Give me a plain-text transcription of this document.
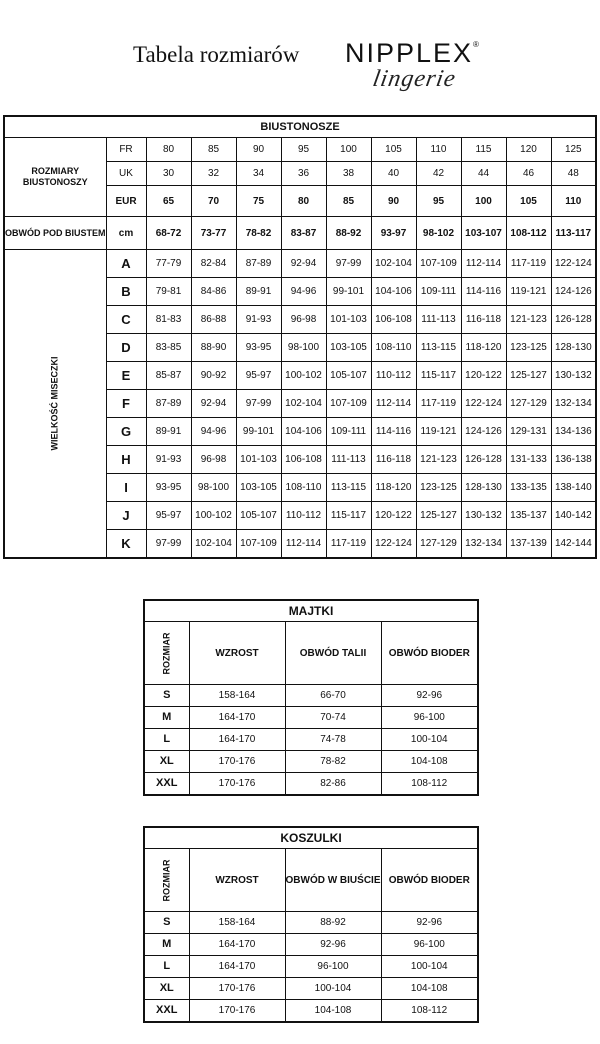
Tabela rozmiarów NIPPLEX ®
lingerie
BIUSTONOSZE											
ROZMIARY BIUSTONOSZY	FR	80	85	90	95	100	105	110	115	120	125
	UK	30	32	34	36	38	40	42	44	46	48
	EUR	65	70	75	80	85	90	95	100	105	110
OBWÓD POD BIUSTEM	cm	68-72	73-77	78-82	83-87	88-92	93-97	98-102	103-107	108-112	113-117
WIELKOŚĆ MISECZKI	A	77-79	82-84	87-89	92-94	97-99	102-104	107-109	112-114	117-119	122-124
	B	79-81	84-86	89-91	94-96	99-101	104-106	109-111	114-116	119-121	124-126
	C	81-83	86-88	91-93	96-98	101-103	106-108	111-113	116-118	121-123	126-128
	D	83-85	88-90	93-95	98-100	103-105	108-110	113-115	118-120	123-125	128-130
	E	85-87	90-92	95-97	100-102	105-107	110-112	115-117	120-122	125-127	130-132
	F	87-89	92-94	97-99	102-104	107-109	112-114	117-119	122-124	127-129	132-134
	G	89-91	94-96	99-101	104-106	109-111	114-116	119-121	124-126	129-131	134-136
	H	91-93	96-98	101-103	106-108	111-113	116-118	121-123	126-128	131-133	136-138
	I	93-95	98-100	103-105	108-110	113-115	118-120	123-125	128-130	133-135	138-140
	J	95-97	100-102	105-107	110-112	115-117	120-122	125-127	130-132	135-137	140-142
	K	97-99	102-104	107-109	112-114	117-119	122-124	127-129	132-134	137-139	142-144
MAJTKI			
ROZMIAR	WZROST	OBWÓD TALII	OBWÓD BIODER
S	158-164	66-70	92-96
M	164-170	70-74	96-100
L	164-170	74-78	100-104
XL	170-176	78-82	104-108
XXL	170-176	82-86	108-112
KOSZULKI			
ROZMIAR	WZROST	OBWÓD W BIUŚCIE	OBWÓD BIODER
S	158-164	88-92	92-96
M	164-170	92-96	96-100
L	164-170	96-100	100-104
XL	170-176	100-104	104-108
XXL	170-176	104-108	108-112
